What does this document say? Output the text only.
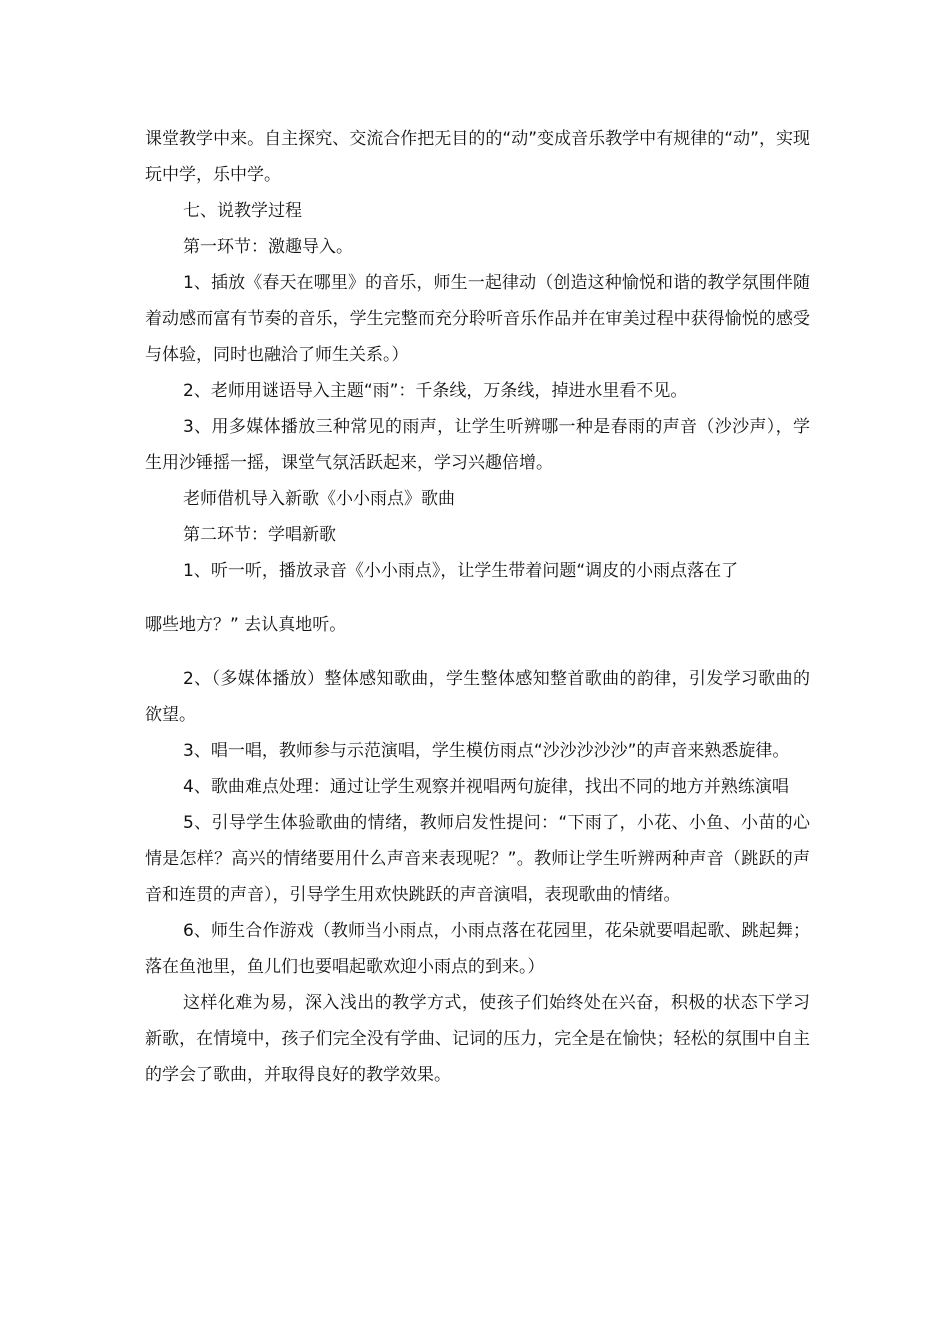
课堂教学中来。自主探究、交流合作把无目的的“动”变成音乐教学中有规律的“动”，实现玩中学，乐中学。

七、说教学过程

第一环节：激趣导入。

1、插放《春天在哪里》的音乐，师生一起律动（创造这种愉悦和谐的教学氛围伴随着动感而富有节奏的音乐，学生完整而充分聆听音乐作品并在审美过程中获得愉悦的感受与体验，同时也融洽了师生关系。）

2、老师用谜语导入主题“雨”：千条线，万条线，掉进水里看不见。

3、用多媒体播放三种常见的雨声，让学生听辨哪一种是春雨的声音（沙沙声），学生用沙锤摇一摇，课堂气氛活跃起来，学习兴趣倍增。

老师借机导入新歌《小小雨点》歌曲

第二环节：学唱新歌

1、听一听，播放录音《小小雨点》，让学生带着问题“调皮的小雨点落在了

哪些地方？” 去认真地听。

2、（多媒体播放）整体感知歌曲，学生整体感知整首歌曲的韵律，引发学习歌曲的欲望。

3、唱一唱，教师参与示范演唱，学生模仿雨点“沙沙沙沙沙”的声音来熟悉旋律。

4、歌曲难点处理：通过让学生观察并视唱两句旋律，找出不同的地方并熟练演唱

5、引导学生体验歌曲的情绪，教师启发性提问：“下雨了，小花、小鱼、小苗的心情是怎样？高兴的情绪要用什么声音来表现呢？”。教师让学生听辨两种声音（跳跃的声音和连贯的声音），引导学生用欢快跳跃的声音演唱，表现歌曲的情绪。

6、师生合作游戏（教师当小雨点，小雨点落在花园里，花朵就要唱起歌、跳起舞；落在鱼池里，鱼儿们也要唱起歌欢迎小雨点的到来。）

这样化难为易，深入浅出的教学方式，使孩子们始终处在兴奋，积极的状态下学习新歌，在情境中，孩子们完全没有学曲、记词的压力，完全是在愉快；轻松的氛围中自主的学会了歌曲，并取得良好的教学效果。
